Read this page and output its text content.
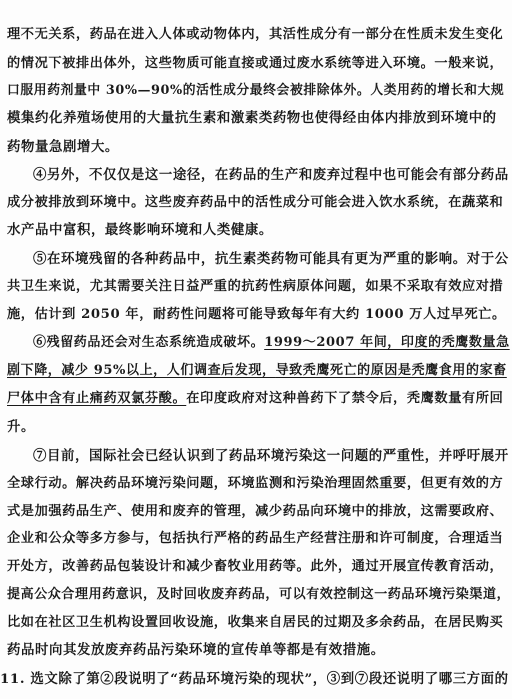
理不无关系，药品在进入人体或动物体内，其活性成分有一部分在性质未发生变化
的情况下被排出体外，这些物质可能直接或通过废水系统等进入环境。一般来说，
口服用药剂量中 30%—90%的活性成分最终会被排除体外。人类用药的增长和大规
模集约化养殖场使用的大量抗生素和激素类药物也使得经由体内排放到环境中的
药物量急剧增大。
④另外，不仅仅是这一途径，在药品的生产和废弃过程中也可能会有部分药品
成分被排放到环境中。这些废弃药品中的活性成分可能会进入饮水系统，在蔬菜和
水产品中富积，最终影响环境和人类健康。
⑤在环境残留的各种药品中，抗生素类药物可能具有更为严重的影响。对于公
共卫生来说，尤其需要关注日益严重的抗药性病原体问题，如果不采取有效应对措
施，估计到 2050 年，耐药性问题将可能导致每年有大约 1000 万人过早死亡。
⑥残留药品还会对生态系统造成破坏。1999～2007 年间，印度的秃鹰数量急
剧下降，减少 95%以上，人们调查后发现，导致秃鹰死亡的原因是秃鹰食用的家畜
尸体中含有止痛药双氯芬酸。在印度政府对这种兽药下了禁令后，秃鹰数量有所回
升。
⑦目前，国际社会已经认识到了药品环境污染这一问题的严重性，并呼吁展开
全球行动。解决药品环境污染问题，环境监测和污染治理固然重要，但更有效的方
式是加强药品生产、使用和废弃的管理，减少药品向环境中的排放，这需要政府、
企业和公众等多方参与，包括执行严格的药品生产经营注册和许可制度，合理适当
开处方，改善药品包装设计和减少畜牧业用药等。此外，通过开展宣传教育活动，
提高公众合理用药意识，及时回收废弃药品，可以有效控制这一药品环境污染渠道，
比如在社区卫生机构设置回收设施，收集来自居民的过期及多余药品，在居民购买
药品时向其发放废弃药品污染环境的宣传单等都是有效措施。
11. 选文除了第②段说明了“药品环境污染的现状”，③到⑦段还说明了哪三方面的
